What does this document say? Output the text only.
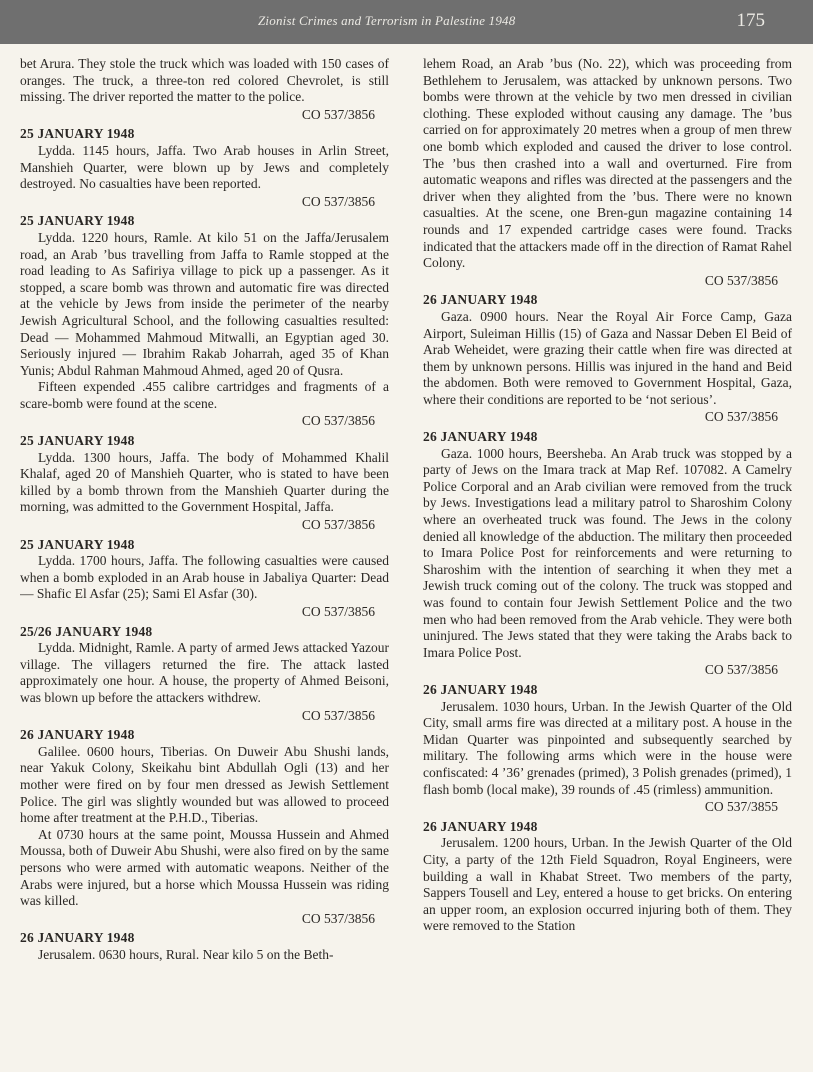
Zionist Crimes and Terrorism in Palestine 1948	175

bet Arura. They stole the truck which was loaded with 150 cases of oranges. The truck, a three-ton red colored Chevrolet, is still missing. The driver reported the matter to the police.

CO 537/3856
25 JANUARY 1948

Lydda. 1145 hours, Jaffa. Two Arab houses in Arlin Street, Manshieh Quarter, were blown up by Jews and completely destroyed. No casualties have been reported.

CO 537/3856
25 JANUARY 1948

Lydda. 1220 hours, Ramle. At kilo 51 on the Jaffa/Jerusalem road, an Arab ’bus travelling from Jaffa to Ramle stopped at the road leading to As Safiriya village to pick up a passenger. As it stopped, a scare bomb was thrown and automatic fire was directed at the vehicle by Jews from inside the perimeter of the nearby Jewish Agricultural School, and the following casualties resulted: Dead — Mohammed Mahmoud Mitwalli, an Egyptian aged 30. Seriously injured — Ibrahim Rakab Joharrah, aged 35 of Khan Yunis; Abdul Rahman Mahmoud Ahmed, aged 20 of Qusra.

Fifteen expended .455 calibre cartridges and fragments of a scare-bomb were found at the scene.

CO 537/3856
25 JANUARY 1948

Lydda. 1300 hours, Jaffa. The body of Mohammed Khalil Khalaf, aged 20 of Manshieh Quarter, who is stated to have been killed by a bomb thrown from the Manshieh Quarter during the morning, was admitted to the Government Hospital, Jaffa.

CO 537/3856
25 JANUARY 1948

Lydda. 1700 hours, Jaffa. The following casualties were caused when a bomb exploded in an Arab house in Jabaliya Quarter: Dead — Shafic El Asfar (25); Sami El Asfar (30).

CO 537/3856
25/26 JANUARY 1948

Lydda. Midnight, Ramle. A party of armed Jews attacked Yazour village. The villagers returned the fire. The attack lasted approximately one hour. A house, the property of Ahmed Beisoni, was blown up before the attackers withdrew.

CO 537/3856
26 JANUARY 1948

Galilee. 0600 hours, Tiberias. On Duweir Abu Shushi lands, near Yakuk Colony, Skeikahu bint Abdullah Ogli (13) and her mother were fired on by four men dressed as Jewish Settlement Police. The girl was slightly wounded but was allowed to proceed home after treatment at the P.H.D., Tiberias.

At 0730 hours at the same point, Moussa Hussein and Ahmed Moussa, both of Duweir Abu Shushi, were also fired on by the same persons who were armed with automatic weapons. Neither of the Arabs were injured, but a horse which Moussa Hussein was riding was killed.

CO 537/3856
26 JANUARY 1948

Jerusalem. 0630 hours, Rural. Near kilo 5 on the Beth-

lehem Road, an Arab ’bus (No. 22), which was proceeding from Bethlehem to Jerusalem, was attacked by unknown persons. Two bombs were thrown at the vehicle by two men dressed in civilian clothing. These exploded without causing any damage. The ’bus carried on for approximately 20 metres when a group of men threw one bomb which exploded and caused the driver to lose control. The ’bus then crashed into a wall and overturned. Fire from automatic weapons and rifles was directed at the passengers and the driver when they alighted from the ’bus. There were no known casualties. At the scene, one Bren-gun magazine containing 14 rounds and 17 expended cartridge cases were found. Tracks indicated that the attackers made off in the direction of Ramat Rahel Colony.

CO 537/3856
26 JANUARY 1948

Gaza. 0900 hours. Near the Royal Air Force Camp, Gaza Airport, Suleiman Hillis (15) of Gaza and Nassar Deben El Beid of Arab Weheidet, were grazing their cattle when fire was directed at them by unknown persons. Hillis was injured in the hand and Beid the abdomen. Both were removed to Government Hospital, Gaza, where their conditions are reported to be ‘not serious’.

CO 537/3856
26 JANUARY 1948

Gaza. 1000 hours, Beersheba. An Arab truck was stopped by a party of Jews on the Imara track at Map Ref. 107082. A Camelry Police Corporal and an Arab civilian were removed from the truck by Jews. Investigations lead a military patrol to Sharoshim Colony where an overheated truck was found. The Jews in the colony denied all knowledge of the abduction. The military then proceeded to Imara Police Post for reinforcements and were returning to Sharoshim with the intention of searching it when they met a Jewish truck coming out of the colony. The truck was stopped and was found to contain four Jewish Settlement Police and the two men who had been removed from the Arab vehicle. They were both uninjured. The Jews stated that they were taking the Arabs back to Imara Police Post.

CO 537/3856
26 JANUARY 1948

Jerusalem. 1030 hours, Urban. In the Jewish Quarter of the Old City, small arms fire was directed at a military post. A house in the Midan Quarter was pinpointed and subsequently searched by military. The following arms which were in the house were confiscated: 4 ’36’ grenades (primed), 3 Polish grenades (primed), 1 flash bomb (local make), 39 rounds of .45 (rimless) ammunition.

CO 537/3855
26 JANUARY 1948

Jerusalem. 1200 hours, Urban. In the Jewish Quarter of the Old City, a party of the 12th Field Squadron, Royal Engineers, were building a wall in Khabat Street. Two members of the party, Sappers Tousell and Ley, entered a house to get bricks. On entering an upper room, an explosion occurred injuring both of them. They were removed to the Station
